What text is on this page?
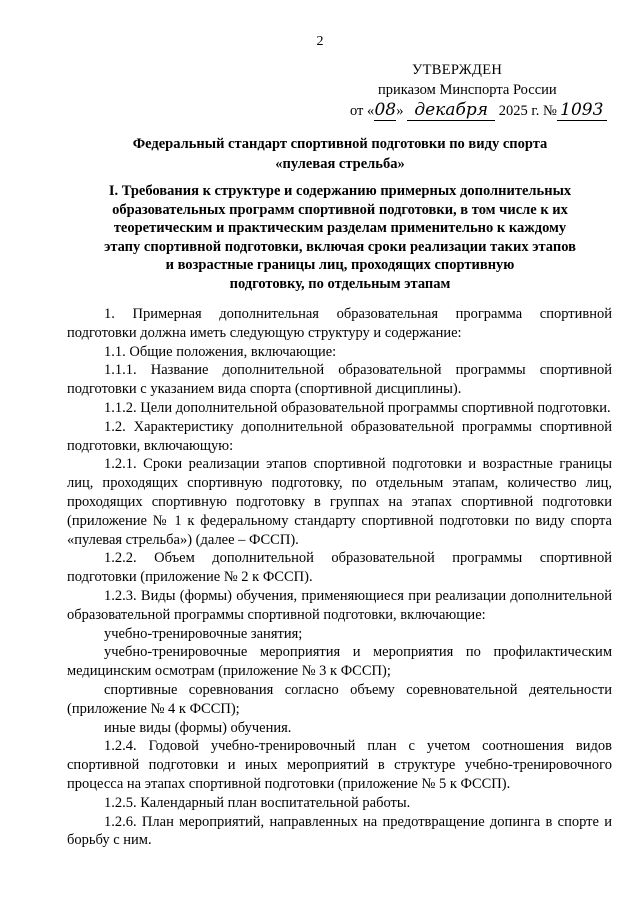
2
УТВЕРЖДЕН
приказом Минспорта России
от «08» декабря 2025 г. № 1093
Федеральный стандарт спортивной подготовки по виду спорта
«пулевая стрельба»
I. Требования к структуре и содержанию примерных дополнительных
образовательных программ спортивной подготовки, в том числе к их
теоретическим и практическим разделам применительно к каждому
этапу спортивной подготовки, включая сроки реализации таких этапов
и возрастные границы лиц, проходящих спортивную
подготовку, по отдельным этапам

1. Примерная дополнительная образовательная программа спортивной подготовки должна иметь следующую структуру и содержание:

1.1. Общие положения, включающие:

1.1.1. Название дополнительной образовательной программы спортивной подготовки с указанием вида спорта (спортивной дисциплины).

1.1.2. Цели дополнительной образовательной программы спортивной подготовки.

1.2. Характеристику дополнительной образовательной программы спортивной подготовки, включающую:

1.2.1. Сроки реализации этапов спортивной подготовки и возрастные границы лиц, проходящих спортивную подготовку, по отдельным этапам, количество лиц, проходящих спортивную подготовку в группах на этапах спортивной подготовки (приложение № 1 к федеральному стандарту спортивной подготовки по виду спорта «пулевая стрельба») (далее – ФССП).

1.2.2. Объем дополнительной образовательной программы спортивной подготовки (приложение № 2 к ФССП).

1.2.3. Виды (формы) обучения, применяющиеся при реализации дополнительной образовательной программы спортивной подготовки, включающие:

учебно-тренировочные занятия;

учебно-тренировочные мероприятия и мероприятия по профилактическим медицинским осмотрам (приложение № 3 к ФССП);

спортивные соревнования согласно объему соревновательной деятельности (приложение № 4 к ФССП);

иные виды (формы) обучения.

1.2.4. Годовой учебно-тренировочный план с учетом соотношения видов спортивной подготовки и иных мероприятий в структуре учебно-тренировочного процесса на этапах спортивной подготовки (приложение № 5 к ФССП).

1.2.5. Календарный план воспитательной работы.

1.2.6. План мероприятий, направленных на предотвращение допинга в спорте и борьбу с ним.
